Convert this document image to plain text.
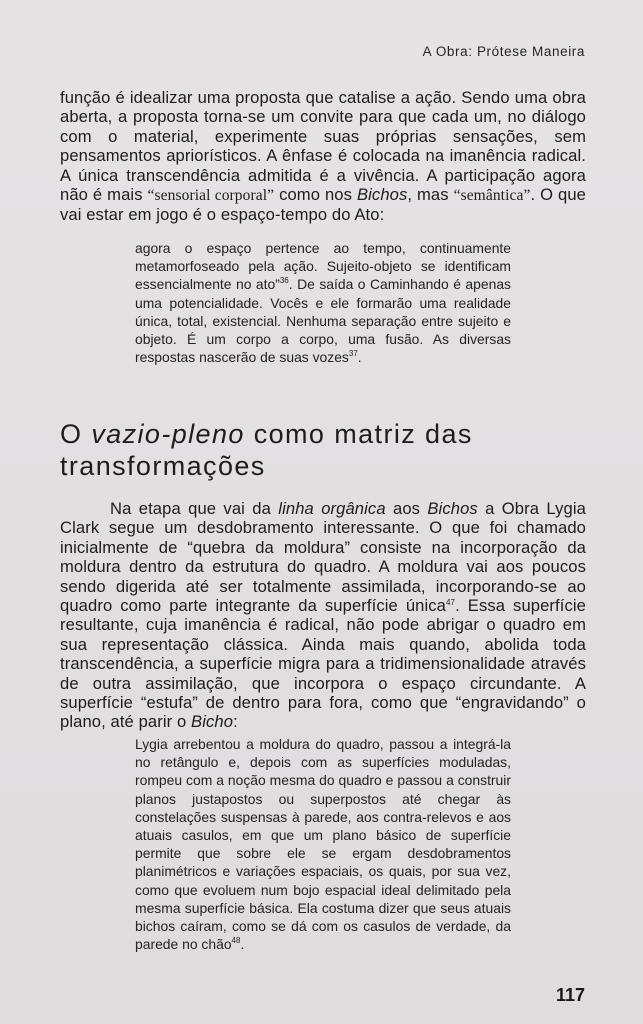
A Obra: Prótese Maneira

função é idealizar uma proposta que catalise a ação. Sendo uma obra aberta, a proposta torna-se um convite para que cada um, no diálogo com o material, experimente suas próprias sensações, sem pensamentos apriorísticos. A ênfase é colocada na imanência radical. A única transcendência admitida é a vivência. A participação agora não é mais “sensorial corporal” como nos Bichos, mas “semântica”. O que vai estar em jogo é o espaço-tempo do Ato:

agora o espaço pertence ao tempo, continuamente metamorfoseado pela ação. Sujeito-objeto se identificam essencialmente no ato”$^{36}$. De saída o Caminhando é apenas uma potencialidade. Vocês e ele formarão uma realidade única, total, existencial. Nenhuma separação entre sujeito e objeto. É um corpo a corpo, uma fusão. As diversas respostas nascerão de suas vozes$^{37}$.

O vazio-pleno como matriz das transformações

Na etapa que vai da linha orgânica aos Bichos a Obra Lygia Clark segue um desdobramento interessante. O que foi chamado inicialmente de “quebra da moldura” consiste na incorporação da moldura dentro da estrutura do quadro. A moldura vai aos poucos sendo digerida até ser totalmente assimilada, incorporando-se ao quadro como parte integrante da superfície única$^{47}$. Essa superfície resultante, cuja imanência é radical, não pode abrigar o quadro em sua representação clássica. Ainda mais quando, abolida toda transcendência, a superfície migra para a tridimensionalidade através de outra assimilação, que incorpora o espaço circundante. A superfície “estufa” de dentro para fora, como que “engravidando” o plano, até parir o Bicho:

Lygia arrebentou a moldura do quadro, passou a integrá-la no retângulo e, depois com as superfícies moduladas, rompeu com a noção mesma do quadro e passou a construir planos justapostos ou superpostos até chegar às constelações suspensas à parede, aos contra-relevos e aos atuais casulos, em que um plano básico de superfície permite que sobre ele se ergam desdobramentos planimétricos e variações espaciais, os quais, por sua vez, como que evoluem num bojo espacial ideal delimitado pela mesma superfície básica. Ela costuma dizer que seus atuais bichos caíram, como se dá com os casulos de verdade, da parede no chão$^{48}$.

117
